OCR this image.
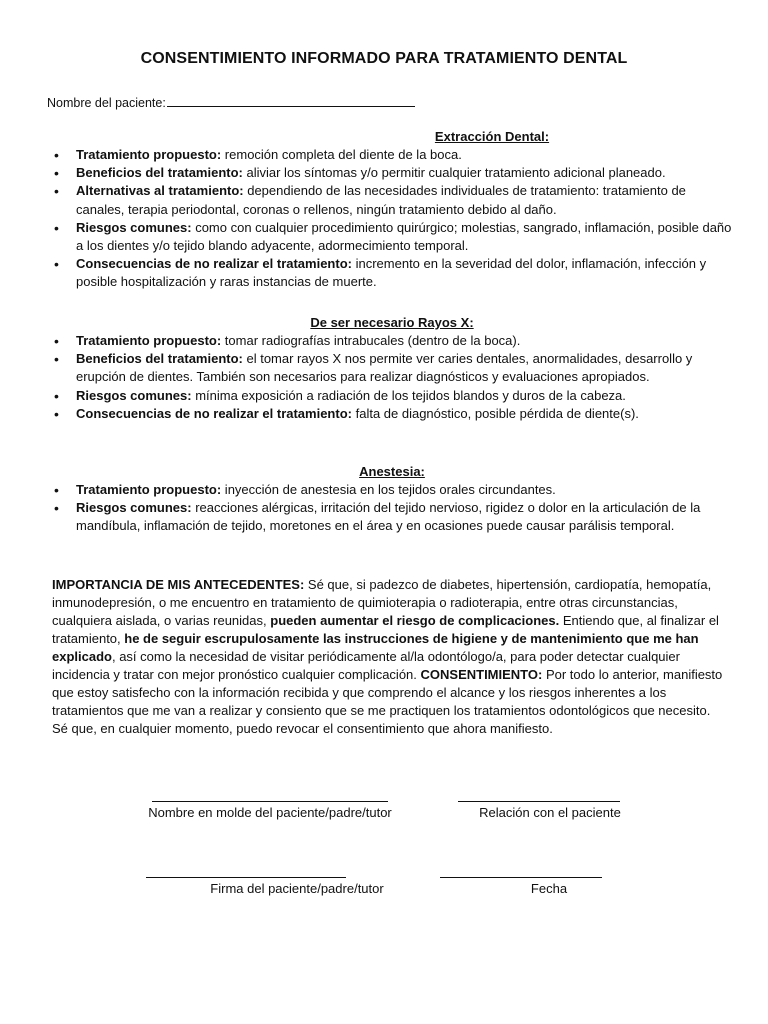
CONSENTIMIENTO INFORMADO PARA TRATAMIENTO DENTAL
Nombre del paciente:
Extracción Dental:
• Tratamiento propuesto: remoción completa del diente de la boca.
• Beneficios del tratamiento: aliviar los síntomas y/o permitir cualquier tratamiento adicional planeado.
• Alternativas al tratamiento: dependiendo de las necesidades individuales de tratamiento: tratamiento de canales, terapia periodontal, coronas o rellenos, ningún tratamiento debido al daño.
• Riesgos comunes: como con cualquier procedimiento quirúrgico; molestias, sangrado, inflamación, posible daño a los dientes y/o tejido blando adyacente, adormecimiento temporal.
• Consecuencias de no realizar el tratamiento: incremento en la severidad del dolor, inflamación, infección y posible hospitalización y raras instancias de muerte.
De ser necesario Rayos X:
• Tratamiento propuesto: tomar radiografías intrabucales (dentro de la boca).
• Beneficios del tratamiento: el tomar rayos X nos permite ver caries dentales, anormalidades, desarrollo y erupción de dientes. También son necesarios para realizar diagnósticos y evaluaciones apropiados.
• Riesgos comunes: mínima exposición a radiación de los tejidos blandos y duros de la cabeza.
• Consecuencias de no realizar el tratamiento: falta de diagnóstico, posible pérdida de diente(s).
Anestesia:
• Tratamiento propuesto: inyección de anestesia en los tejidos orales circundantes.
• Riesgos comunes: reacciones alérgicas, irritación del tejido nervioso, rigidez o dolor en la articulación de la mandíbula, inflamación de tejido, moretones en el área y en ocasiones puede causar parálisis temporal.

IMPORTANCIA DE MIS ANTECEDENTES: Sé que, si padezco de diabetes, hipertensión, cardiopatía, hemopatía, inmunodepresión, o me encuentro en tratamiento de quimioterapia o radioterapia, entre otras circunstancias, cualquiera aislada, o varias reunidas, pueden aumentar el riesgo de complicaciones. Entiendo que, al finalizar el tratamiento, he de seguir escrupulosamente las instrucciones de higiene y de mantenimiento que me han explicado, así como la necesidad de visitar periódicamente al/la odontólogo/a, para poder detectar cualquier incidencia y tratar con mejor pronóstico cualquier complicación. CONSENTIMIENTO: Por todo lo anterior, manifiesto que estoy satisfecho con la información recibida y que comprendo el alcance y los riesgos inherentes a los tratamientos que me van a realizar y consiento que se me practiquen los tratamientos odontológicos que necesito. Sé que, en cualquier momento, puedo revocar el consentimiento que ahora manifiesto.

Nombre en molde del paciente/padre/tutor	Relación con el paciente
Firma del paciente/padre/tutor	Fecha
